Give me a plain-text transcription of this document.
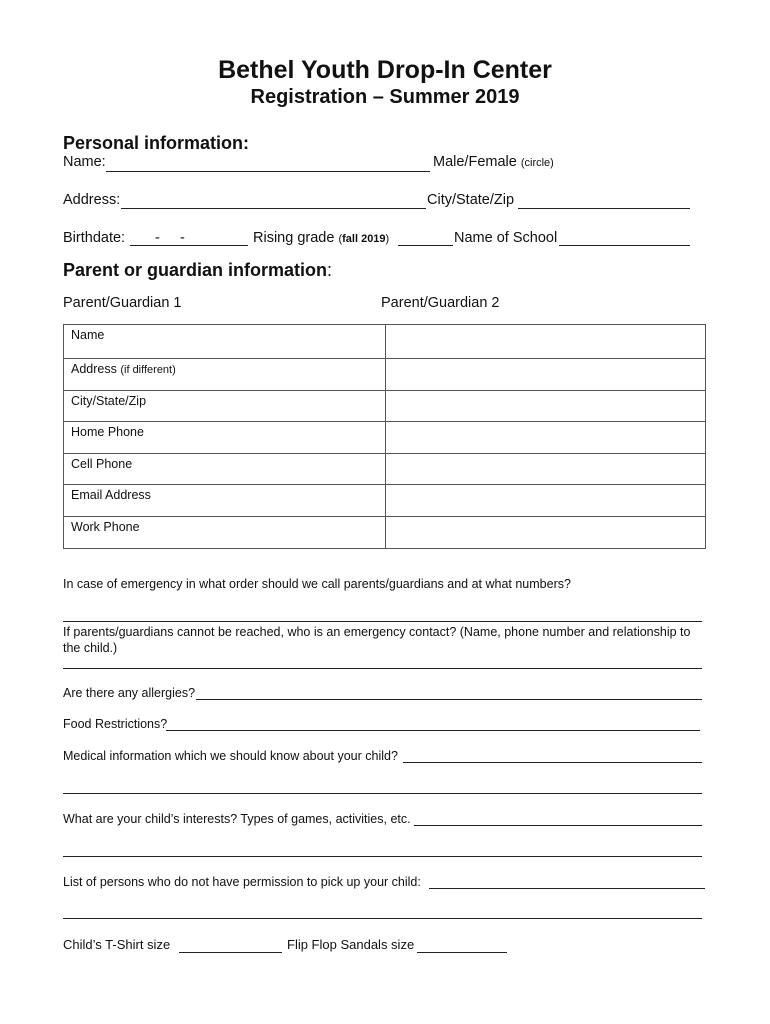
Bethel Youth Drop-In Center
Registration – Summer 2019
Personal information:
Name:	Male/Female (circle)
Address:	City/State/Zip
Birthdate: -     -	Rising grade (fall 2019)	Name of School
Parent or guardian information:
Parent/Guardian 1	Parent/Guardian 2
Name	
Address (if different)	
City/State/Zip	
Home Phone	
Cell Phone	
Email Address	
Work Phone	
In case of emergency in what order should we call parents/guardians and at what numbers?
If parents/guardians cannot be reached, who is an emergency contact? (Name, phone number and relationship to the child.)
Are there any allergies?
Food Restrictions?
Medical information which we should know about your child?
What are your child’s interests? Types of games, activities, etc.
List of persons who do not have permission to pick up your child:
Child’s T-Shirt size	Flip Flop Sandals size
